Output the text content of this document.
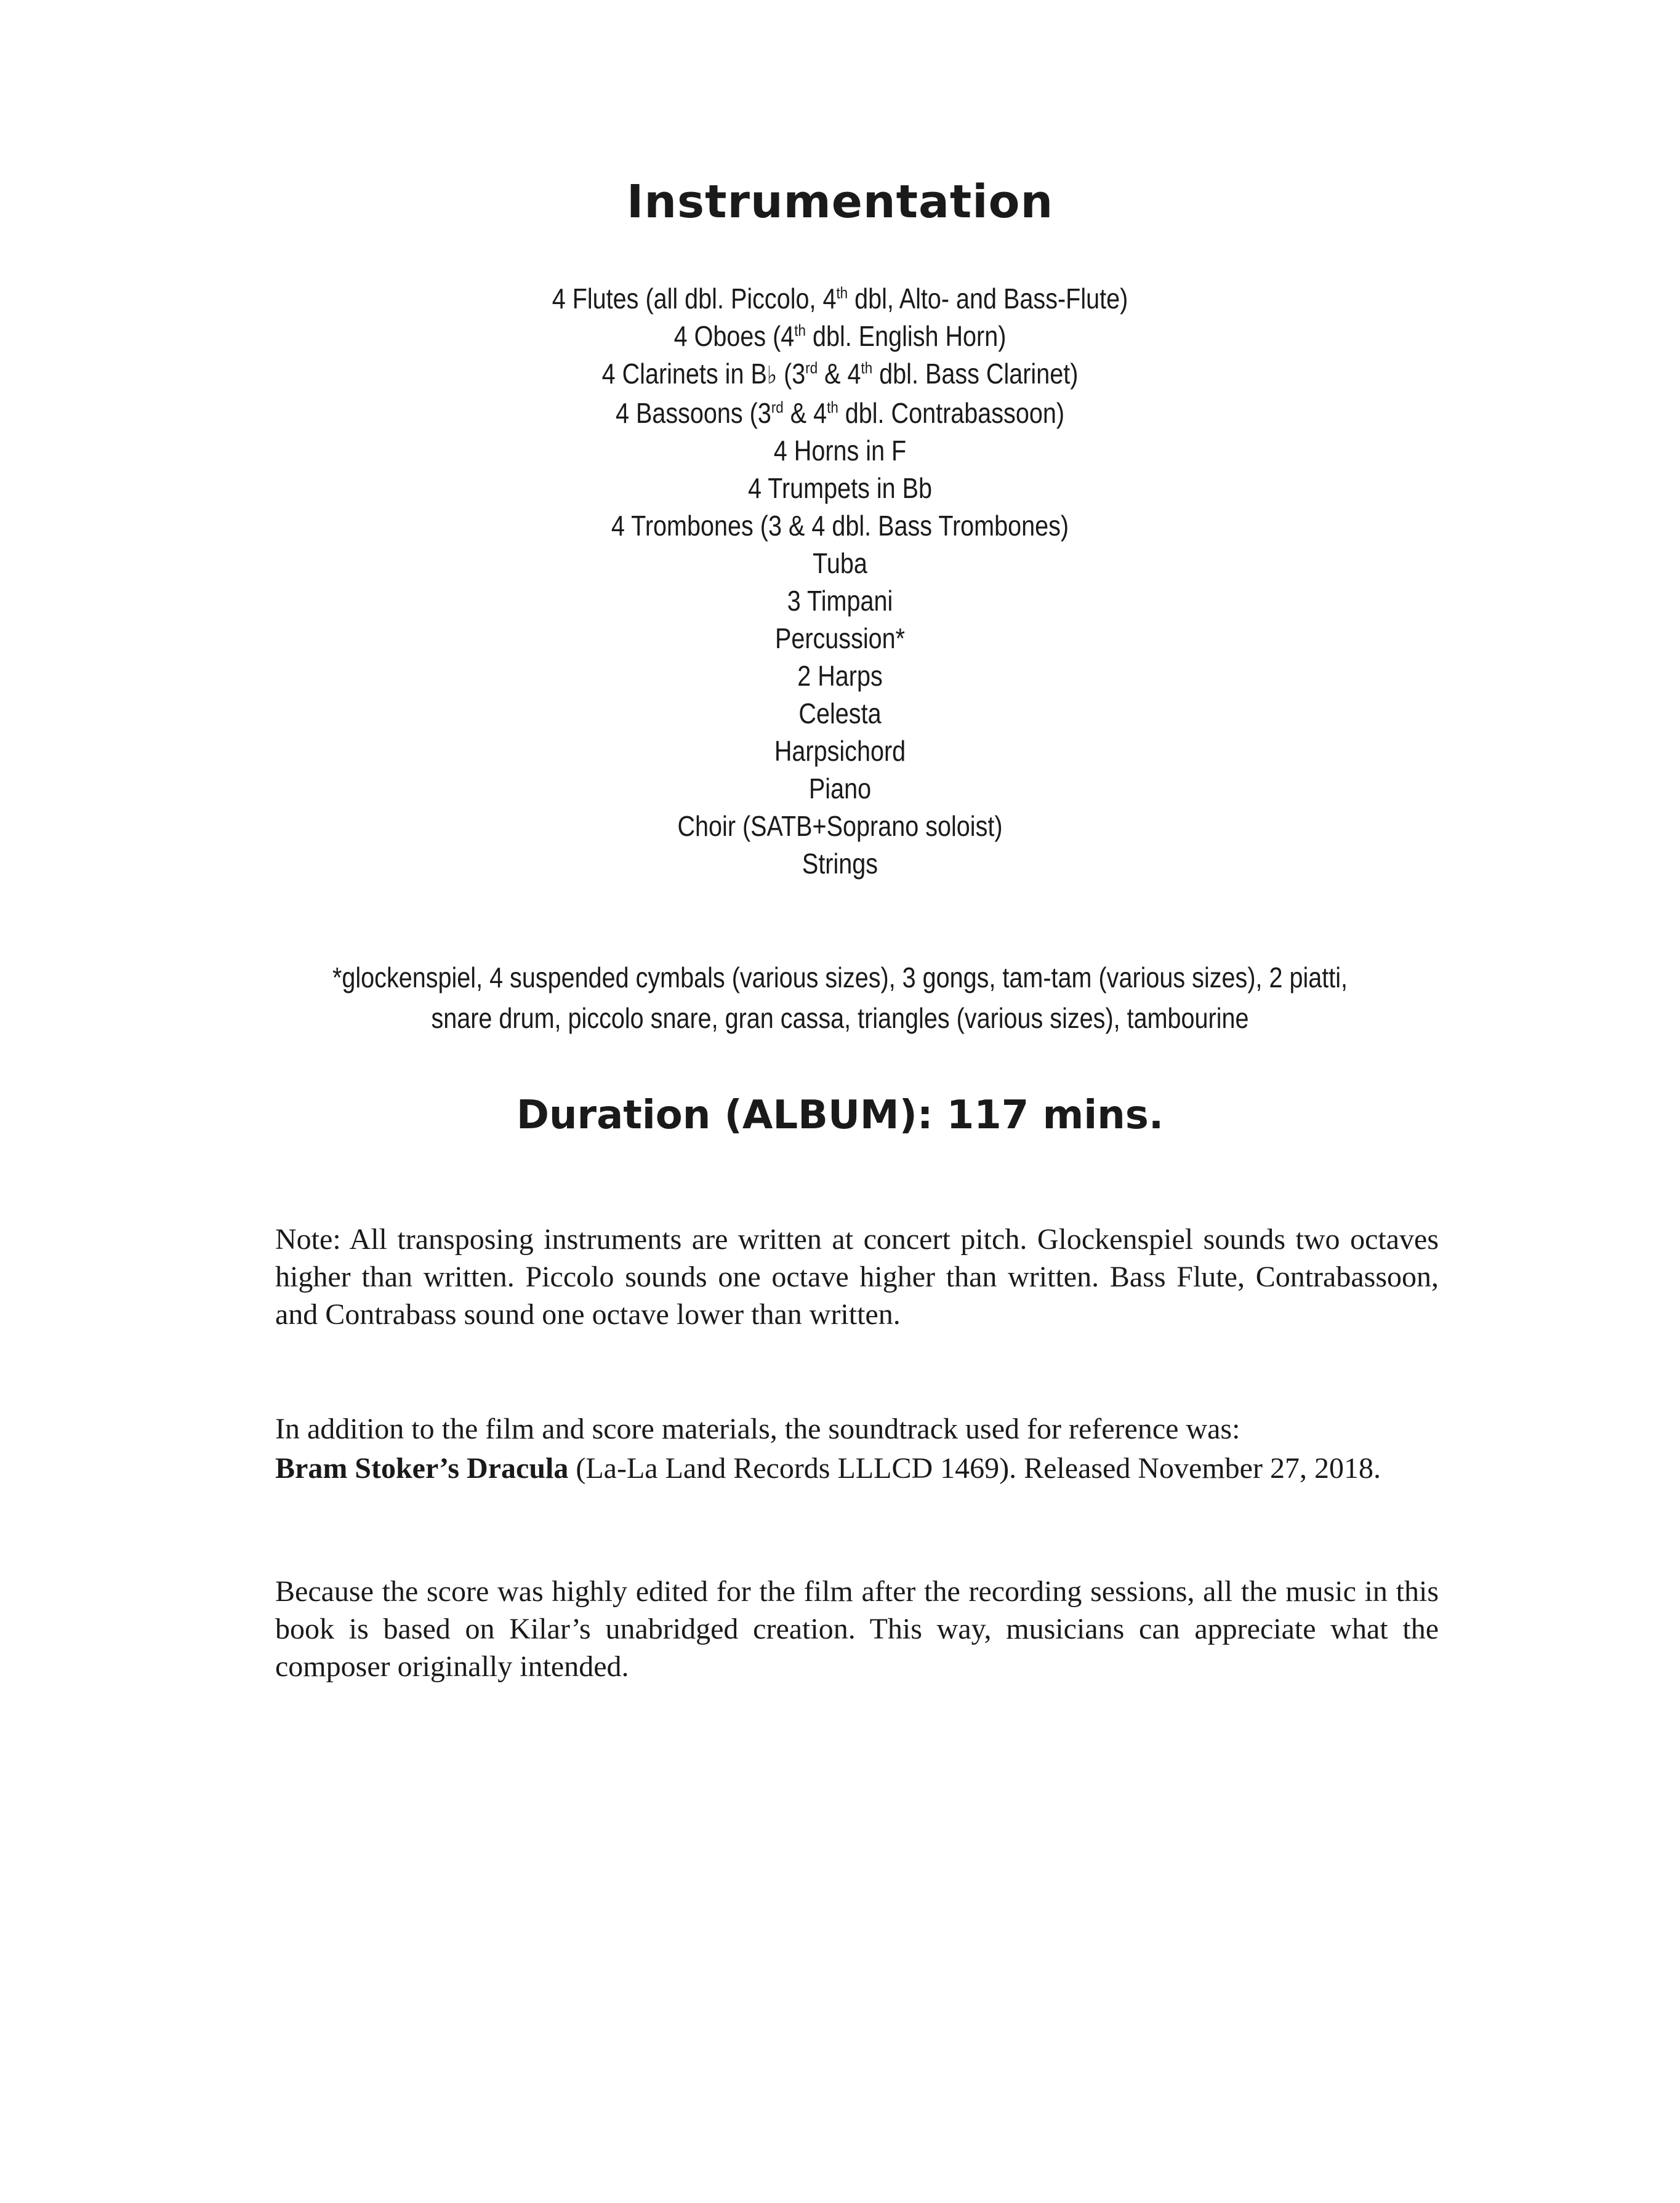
Instrumentation
4 Flutes (all dbl. Piccolo, 4th dbl, Alto- and Bass-Flute)
4 Oboes (4th dbl. English Horn)
4 Clarinets in B♭ (3rd & 4th dbl. Bass Clarinet)
4 Bassoons (3rd & 4th dbl. Contrabassoon)
4 Horns in F
4 Trumpets in Bb
4 Trombones (3 & 4 dbl. Bass Trombones)
Tuba
3 Timpani
Percussion*
2 Harps
Celesta
Harpsichord
Piano
Choir (SATB+Soprano soloist)
Strings
*glockenspiel, 4 suspended cymbals (various sizes), 3 gongs, tam-tam (various sizes), 2 piatti,
snare drum, piccolo snare, gran cassa, triangles (various sizes), tambourine
Duration (ALBUM): 117 mins.
Note: All transposing instruments are written at concert pitch. Glockenspiel sounds two octaves higher than written. Piccolo sounds one octave higher than written. Bass Flute, Contrabassoon, and Contrabass sound one octave lower than written.
In addition to the film and score materials, the soundtrack used for reference was:
Bram Stoker’s Dracula (La-La Land Records LLLCD 1469). Released November 27, 2018.
Because the score was highly edited for the film after the recording sessions, all the music in this book is based on Kilar’s unabridged creation. This way, musicians can appreciate what the composer originally intended.
